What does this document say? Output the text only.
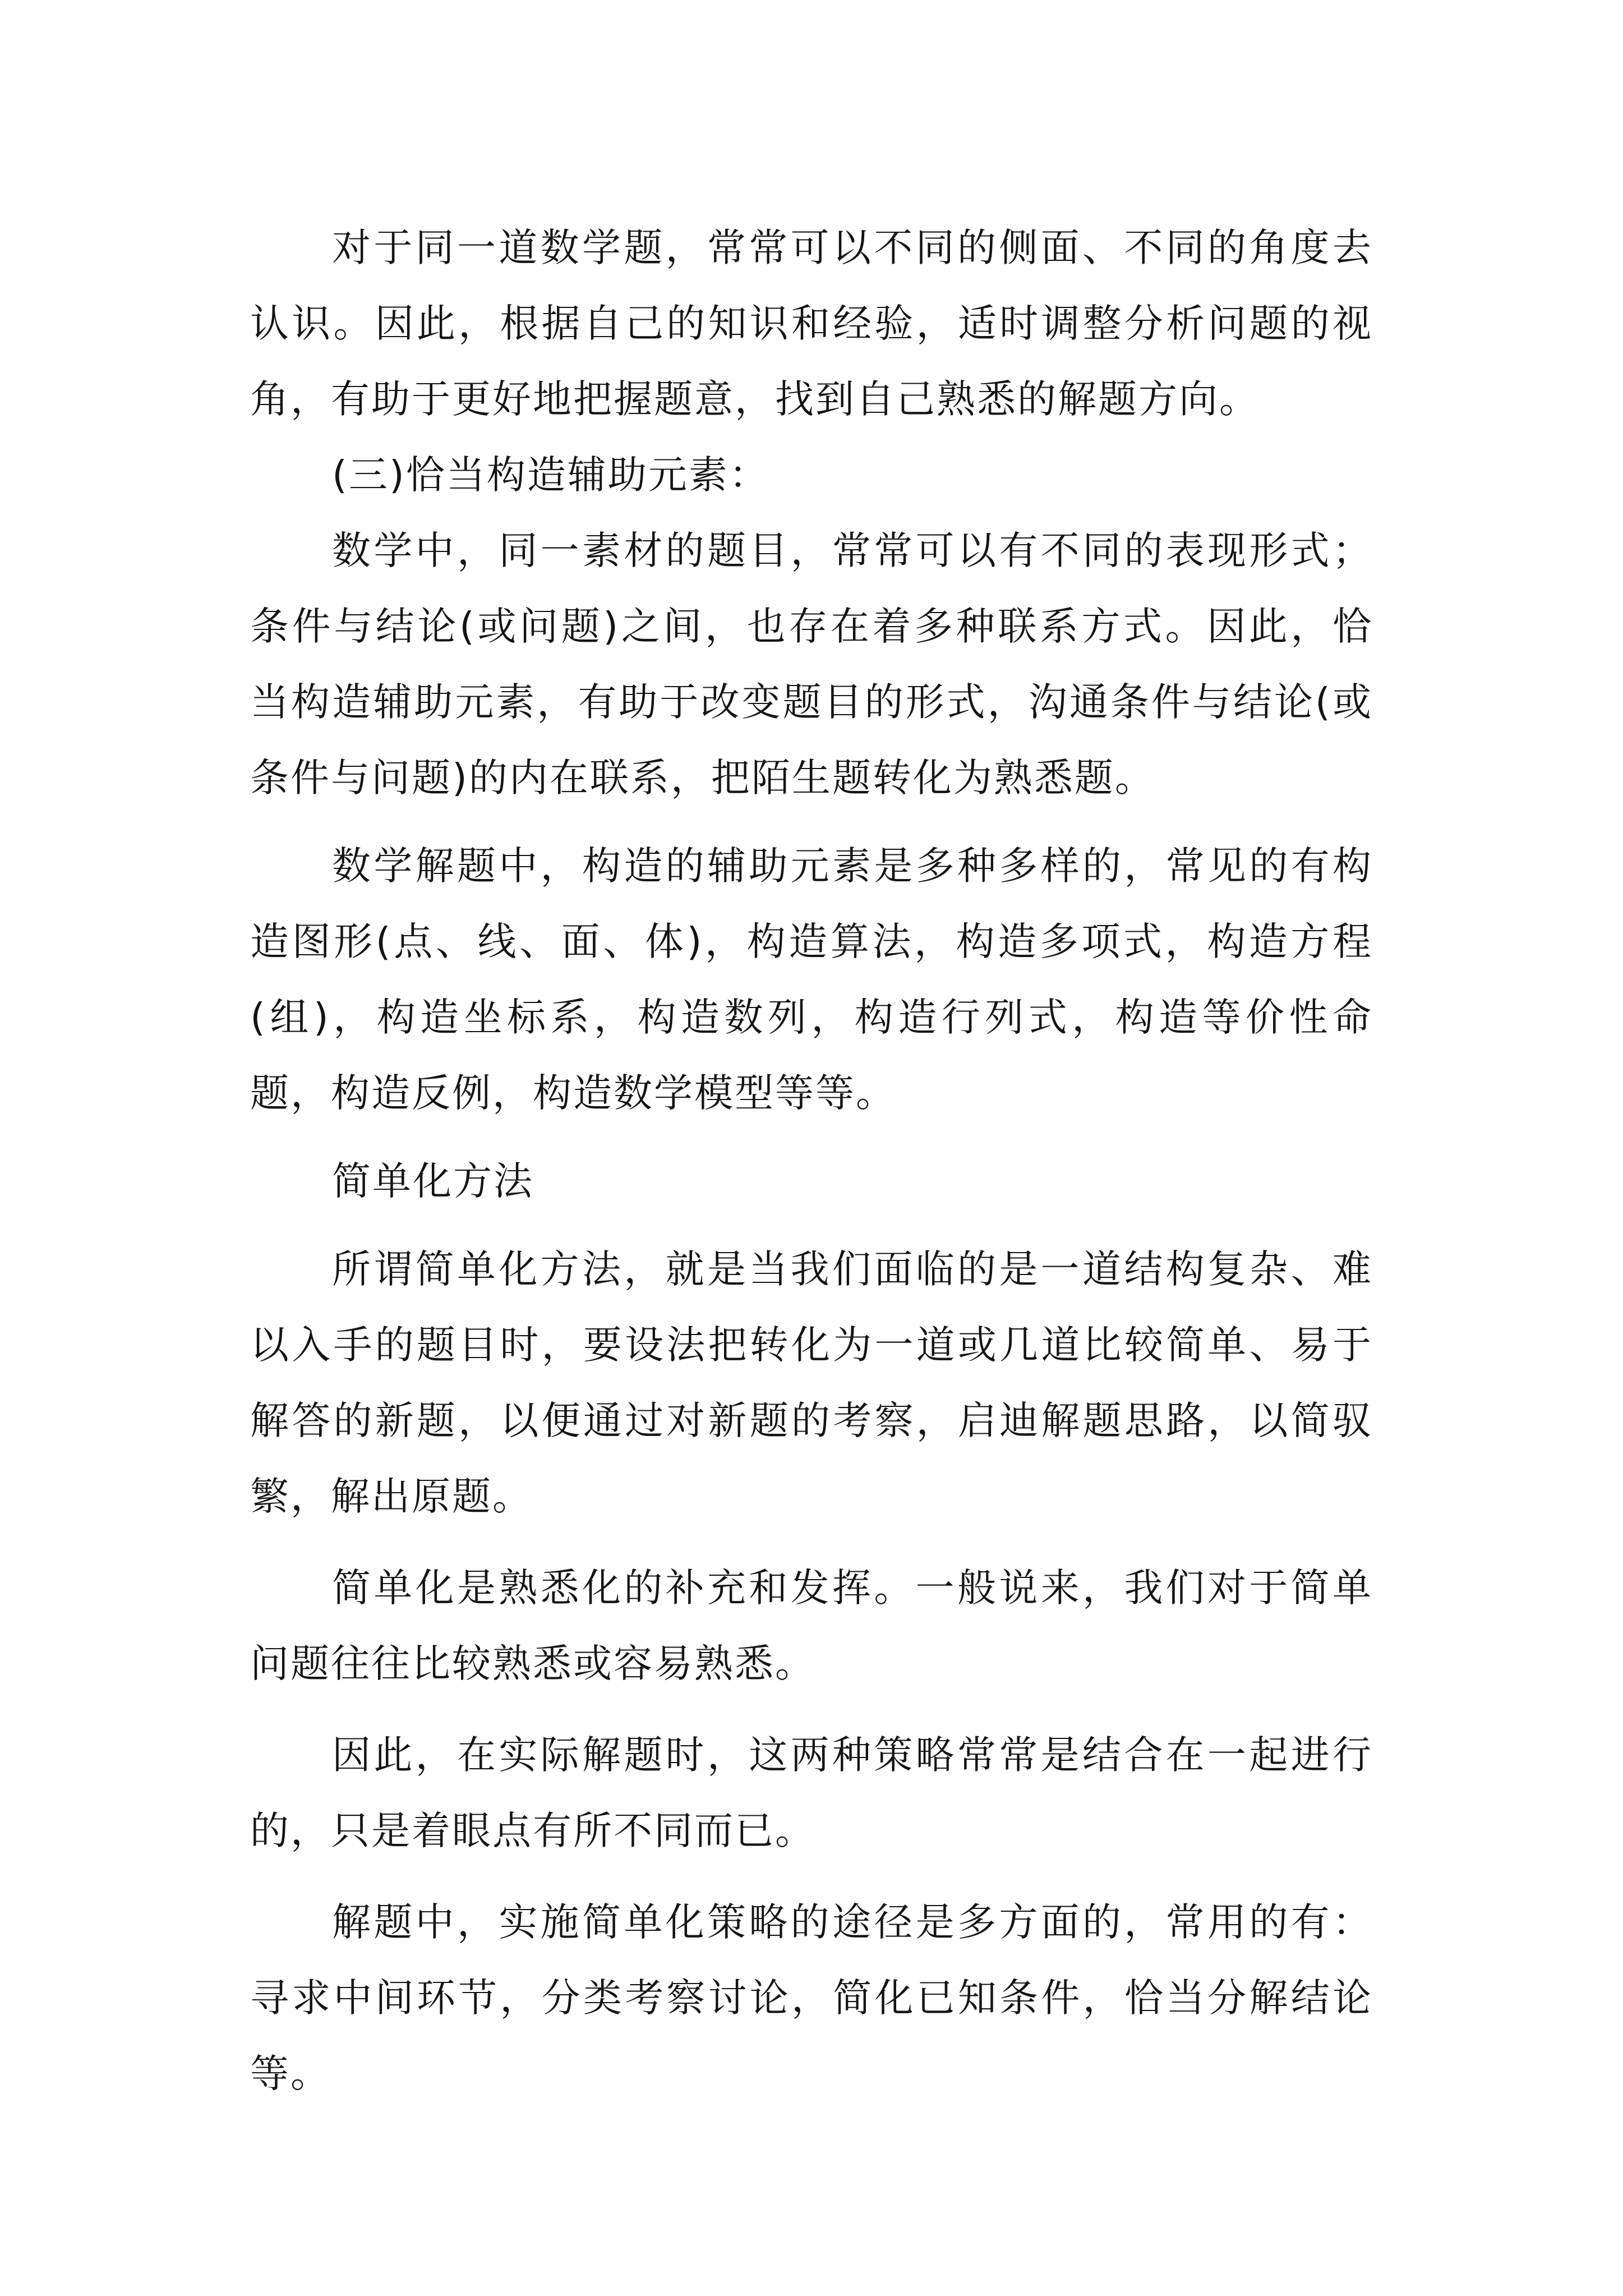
对于同一道数学题，常常可以不同的侧面、不同的角度去认识。因此，根据自己的知识和经验，适时调整分析问题的视角，有助于更好地把握题意，找到自己熟悉的解题方向。

(三)恰当构造辅助元素：

数学中，同一素材的题目，常常可以有不同的表现形式；条件与结论(或问题)之间，也存在着多种联系方式。因此，恰当构造辅助元素，有助于改变题目的形式，沟通条件与结论(或条件与问题)的内在联系，把陌生题转化为熟悉题。

数学解题中，构造的辅助元素是多种多样的，常见的有构造图形(点、线、面、体)，构造算法，构造多项式，构造方程(组)，构造坐标系，构造数列，构造行列式，构造等价性命题，构造反例，构造数学模型等等。

简单化方法

所谓简单化方法，就是当我们面临的是一道结构复杂、难以入手的题目时，要设法把转化为一道或几道比较简单、易于解答的新题，以便通过对新题的考察，启迪解题思路，以简驭繁，解出原题。

简单化是熟悉化的补充和发挥。一般说来，我们对于简单问题往往比较熟悉或容易熟悉。

因此，在实际解题时，这两种策略常常是结合在一起进行的，只是着眼点有所不同而已。

解题中，实施简单化策略的途径是多方面的，常用的有：寻求中间环节，分类考察讨论，简化已知条件，恰当分解结论等。
